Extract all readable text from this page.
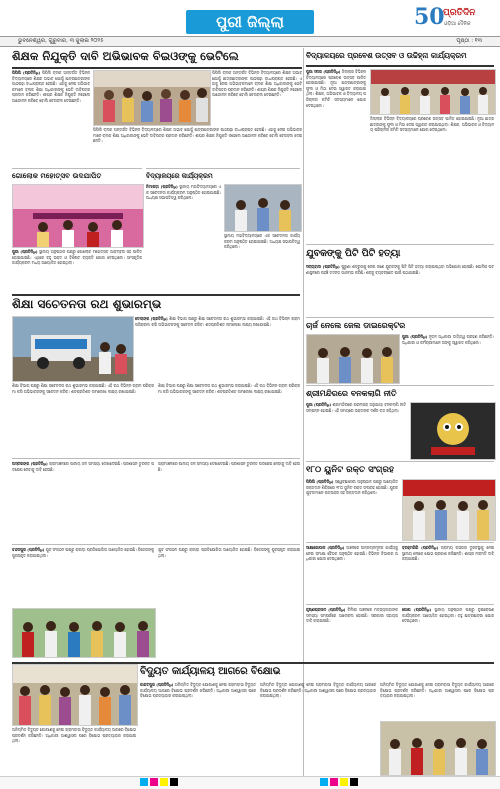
ପୁରୀ ଜିଲ୍ଲା	50
ପ୍ରତିଦିନ
ଓଡ଼ିଆ ଦୈନିକ
ଭୁବନେଶ୍ୱର, ଗୁରୁବାର, ୩ ଜୁଲାଇ ୨୦୨୫	ପୃଷ୍ଠା : ୧୩
ଶିକ୍ଷକ ନିଯୁକ୍ତି ଦାବି ଅଭିଭାବକ ବିଇଓଙ୍କୁ ଭେଟିଲେ
ପିପିଲି (ପ୍ରତିନିଧି) ପିପିଲି ବ୍ଲକ ଅନ୍ତର୍ଗତ ବିଭିନ୍ନ ବିଦ୍ୟାଳୟରେ ଶିକ୍ଷକ ଅଭାବ ଯୋଗୁଁ ଛାତ୍ରଛାତ୍ରୀଙ୍କ ପାଠପଢ଼ା ବାଧାପ୍ରାପ୍ତ ହେଉଛି। ଏହାକୁ ନେଇ ଅଭିଭାବକମାନେ ବ୍ଲକ ଶିକ୍ଷା ଅଧିକାରୀଙ୍କୁ ଭେଟି ଦାବିପତ୍ର ପ୍ରଦାନ କରିଛନ୍ତି। ଶୀଘ୍ର ଶିକ୍ଷକ ନିଯୁକ୍ତି ନହେଲେ ଆନ୍ଦୋଳନ କରିବେ ବୋଲି ଚେତାବନୀ ଦେଇଛନ୍ତି।
ପିପିଲି ବ୍ଲକ ଅନ୍ତର୍ଗତ ବିଭିନ୍ନ ବିଦ୍ୟାଳୟରେ ଶିକ୍ଷକ ଅଭାବ ଯୋଗୁଁ ଛାତ୍ରଛାତ୍ରୀଙ୍କ ପାଠପଢ଼ା ବାଧାପ୍ରାପ୍ତ ହେଉଛି। ଏହାକୁ ନେଇ ଅଭିଭାବକମାନେ ବ୍ଲକ ଶିକ୍ଷା ଅଧିକାରୀଙ୍କୁ ଭେଟି ଦାବିପତ୍ର ପ୍ରଦାନ କରିଛନ୍ତି। ଶୀଘ୍ର ଶିକ୍ଷକ ନିଯୁକ୍ତି ନହେଲେ ଆନ୍ଦୋଳନ କରିବେ ବୋଲି ଚେତାବନୀ ଦେଇଛନ୍ତି।
ପିପିଲି ବ୍ଲକ ଅନ୍ତର୍ଗତ ବିଭିନ୍ନ ବିଦ୍ୟାଳୟରେ ଶିକ୍ଷକ ଅଭାବ ଯୋଗୁଁ ଛାତ୍ରଛାତ୍ରୀଙ୍କ ପାଠପଢ଼ା ବାଧାପ୍ରାପ୍ତ ହେଉଛି। ଏହାକୁ ନେଇ ଅଭିଭାବକମାନେ ବ୍ଲକ ଶିକ୍ଷା ଅଧିକାରୀଙ୍କୁ ଭେଟି ଦାବିପତ୍ର ପ୍ରଦାନ କରିଛନ୍ତି। ଶୀଘ୍ର ଶିକ୍ଷକ ନିଯୁକ୍ତି ନହେଲେ ଆନ୍ଦୋଳନ କରିବେ ବୋଲି ଚେତାବନୀ ଦେଇଛନ୍ତି।
ବିଦ୍ୟାଳୟରେ ପ୍ରବେଶ ଉତ୍ସବ ଓ ଉଚ୍ଚିହ୍ନା କାର୍ଯ୍ୟକ୍ରମ
ପୁରୀ ସଦର (ପ୍ରତିନିଧି) ଜିଲ୍ଲାର ବିଭିନ୍ନ ବିଦ୍ୟାଳୟରେ ପ୍ରବେଶ ଉତ୍ସବ ପାଳିତ ହୋଇଯାଇଛି। ନୂଆ ଛାତ୍ରଛାତ୍ରୀଙ୍କୁ ଫୁଲ ଓ ମିଠା ଦେଇ ସ୍ୱାଗତ କରାଯାଇଥିଲା। ଶିକ୍ଷକ, ଅଭିଭାବକ ଓ ବିଦ୍ୟାଳୟ ପରିଚାଳନା କମିଟି ସଦସ୍ୟମାନେ ଯୋଗ ଦେଇଥିଲେ।
ଜିଲ୍ଲାର ବିଭିନ୍ନ ବିଦ୍ୟାଳୟରେ ପ୍ରବେଶ ଉତ୍ସବ ପାଳିତ ହୋଇଯାଇଛି। ନୂଆ ଛାତ୍ରଛାତ୍ରୀଙ୍କୁ ଫୁଲ ଓ ମିଠା ଦେଇ ସ୍ୱାଗତ କରାଯାଇଥିଲା। ଶିକ୍ଷକ, ଅଭିଭାବକ ଓ ବିଦ୍ୟାଳୟ ପରିଚାଳନା କମିଟି ସଦସ୍ୟମାନେ ଯୋଗ ଦେଇଥିଲେ।
ଗୋଲୋକ ମହୋତ୍ସବ ଉଦଯାପିତ
ପୁରୀ (ପ୍ରତିନିଧି) ସ୍ଥାନୀୟ ଅନୁଷ୍ଠାନ ପକ୍ଷରୁ ଗୋଲୋକ ମହୋତ୍ସବ ଆଡ଼ମ୍ବର ସହ ପାଳିତ ହୋଇଯାଇଛି। ଏଥିରେ ବହୁ ଭକ୍ତ ଓ ବିଶିଷ୍ଟ ବ୍ୟକ୍ତି ଯୋଗ ଦେଇଥିଲେ। ସାଂସ୍କୃତିକ କାର୍ଯ୍ୟକ୍ରମ ମଧ୍ୟ ଆୟୋଜିତ ହୋଇଥିଲା।
ବିଦ୍ୟାଳୟରେ କାର୍ଯ୍ୟକ୍ରମ
ନିମାପଡ଼ା (ପ୍ରତିନିଧି) ସ୍ଥାନୀୟ ମହାବିଦ୍ୟାଳୟରେ ଏକ ସଚେତନତା କାର୍ଯ୍ୟକ୍ରମ ଅନୁଷ୍ଠିତ ହୋଇଯାଇଛି। ଅଧ୍ୟକ୍ଷ ସଭାପତିତ୍ୱ କରିଥିଲେ।
ସ୍ଥାନୀୟ ମହାବିଦ୍ୟାଳୟରେ ଏକ ସଚେତନତା କାର୍ଯ୍ୟକ୍ରମ ଅନୁଷ୍ଠିତ ହୋଇଯାଇଛି। ଅଧ୍ୟକ୍ଷ ସଭାପତିତ୍ୱ କରିଥିଲେ।
ଶିକ୍ଷା ସଚେତନତା ରଥ ଶୁଭାରମ୍ଭ
ଡେଲାଙ୍ଗ (ପ୍ରତିନିଧି) ଶିକ୍ଷା ବିଭାଗ ପକ୍ଷରୁ ଶିକ୍ଷା ସଚେତନତା ରଥ ଶୁଭାରମ୍ଭ କରାଯାଇଛି। ଏହି ରଥ ବିଭିନ୍ନ ଗ୍ରାମ ପରିକ୍ରମା କରି ଅଭିଭାବକଙ୍କୁ ସଚେତନ କରିବ। ଶତପ୍ରତିଶତ ନାମଲେଖା ଲକ୍ଷ୍ୟ ରଖାଯାଇଛି।
ଶିକ୍ଷା ବିଭାଗ ପକ୍ଷରୁ ଶିକ୍ଷା ସଚେତନତା ରଥ ଶୁଭାରମ୍ଭ କରାଯାଇଛି। ଏହି ରଥ ବିଭିନ୍ନ ଗ୍ରାମ ପରିକ୍ରମା କରି ଅଭିଭାବକଙ୍କୁ ସଚେତନ କରିବ। ଶତପ୍ରତିଶତ ନାମଲେଖା ଲକ୍ଷ୍ୟ ରଖାଯାଇଛି।
ଶିକ୍ଷା ବିଭାଗ ପକ୍ଷରୁ ଶିକ୍ଷା ସଚେତନତା ରଥ ଶୁଭାରମ୍ଭ କରାଯାଇଛି। ଏହି ରଥ ବିଭିନ୍ନ ଗ୍ରାମ ପରିକ୍ରମା କରି ଅଭିଭାବକଙ୍କୁ ସଚେତନ କରିବ। ଶତପ୍ରତିଶତ ନାମଲେଖା ଲକ୍ଷ୍ୟ ରଖାଯାଇଛି।
ଅସ୍ତରଙ୍ଗ (ପ୍ରତିନିଧି) ଗ୍ରାମାଞ୍ଚଳରେ ପାନୀୟ ଜଳ ସମସ୍ୟା ଦେଖାଦେଇଛି। ପ୍ରଶାସନ ତୁରନ୍ତ ପଦକ୍ଷେପ ନେବାକୁ ଦାବି ହେଉଛି।
ଗ୍ରାମାଞ୍ଚଳରେ ପାନୀୟ ଜଳ ସମସ୍ୟା ଦେଖାଦେଇଛି। ପ୍ରଶାସନ ତୁରନ୍ତ ପଦକ୍ଷେପ ନେବାକୁ ଦାବି ହେଉଛି।
ଚନ୍ଦନପୁର (ପ୍ରତିନିଧି) ଯୁବ ସଂଗଠନ ପକ୍ଷରୁ କ୍ରୀଡ଼ା ପ୍ରତିଯୋଗିତା ଆୟୋଜିତ ହୋଇଛି। ବିଜେତାଙ୍କୁ ପୁରସ୍କୃତ କରାଯାଇଥିଲା।
ଯୁବ ସଂଗଠନ ପକ୍ଷରୁ କ୍ରୀଡ଼ା ପ୍ରତିଯୋଗିତା ଆୟୋଜିତ ହୋଇଛି। ବିଜେତାଙ୍କୁ ପୁରସ୍କୃତ କରାଯାଇଥିଲା।
ବିଦ୍ୟୁତ କାର୍ଯ୍ୟାଳୟ ଆଗରେ ବିକ୍ଷୋଭ
କାକଟପୁର (ପ୍ରତିନିଧି) ଅନିୟମିତ ବିଦ୍ୟୁତ ଯୋଗାଣକୁ ନେଇ ଗ୍ରାମବାସୀ ବିଦ୍ୟୁତ କାର୍ଯ୍ୟାଳୟ ଆଗରେ ବିକ୍ଷୋଭ ପ୍ରଦର୍ଶନ କରିଛନ୍ତି। ଅଧିକାରୀ ଆଶ୍ୱାସନା ପରେ ବିକ୍ଷୋଭ ପ୍ରତ୍ୟାହାର କରାଯାଇଥିଲା।
ଅନିୟମିତ ବିଦ୍ୟୁତ ଯୋଗାଣକୁ ନେଇ ଗ୍ରାମବାସୀ ବିଦ୍ୟୁତ କାର୍ଯ୍ୟାଳୟ ଆଗରେ ବିକ୍ଷୋଭ ପ୍ରଦର୍ଶନ କରିଛନ୍ତି। ଅଧିକାରୀ ଆଶ୍ୱାସନା ପରେ ବିକ୍ଷୋଭ ପ୍ରତ୍ୟାହାର କରାଯାଇଥିଲା।
ଅନିୟମିତ ବିଦ୍ୟୁତ ଯୋଗାଣକୁ ନେଇ ଗ୍ରାମବାସୀ ବିଦ୍ୟୁତ କାର୍ଯ୍ୟାଳୟ ଆଗରେ ବିକ୍ଷୋଭ ପ୍ରଦର୍ଶନ କରିଛନ୍ତି। ଅଧିକାରୀ ଆଶ୍ୱାସନା ପରେ ବିକ୍ଷୋଭ ପ୍ରତ୍ୟାହାର କରାଯାଇଥିଲା।
ଅନିୟମିତ ବିଦ୍ୟୁତ ଯୋଗାଣକୁ ନେଇ ଗ୍ରାମବାସୀ ବିଦ୍ୟୁତ କାର୍ଯ୍ୟାଳୟ ଆଗରେ ବିକ୍ଷୋଭ ପ୍ରଦର୍ଶନ କରିଛନ୍ତି। ଅଧିକାରୀ ଆଶ୍ୱାସନା ପରେ ବିକ୍ଷୋଭ ପ୍ରତ୍ୟାହାର କରାଯାଇଥିଲା।
ଯୁବକଙ୍କୁ ପିଟି ପିଟି ହତ୍ୟା
ସତ୍ୟବାଦୀ (ପ୍ରତିନିଧି) ପୁରୁଣା ଶତ୍ରୁତାକୁ ନେଇ ଜଣେ ଯୁବକଙ୍କୁ ପିଟି ପିଟି ହତ୍ୟା କରାଯାଇଥିବା ଅଭିଯୋଗ ହୋଇଛି। ପୋଲିସ ଘଟଣାସ୍ଥଳରେ ପହଞ୍ଚି ତଦନ୍ତ ଆରମ୍ଭ କରିଛି। ଶବକୁ ବ୍ୟବଚ୍ଛେଦ ପାଇଁ ପଠାଯାଇଛି।
ଚାର୍ଜ ନେଲେ ଜେଲ ଡାଇରେକ୍ଟର
ପୁରୀ (ପ୍ରତିନିଧି) ନୂତନ ଅଧିକାରୀ ଦାୟିତ୍ୱ ଗ୍ରହଣ କରିଛନ୍ତି। ଅଧିକାରୀ ଓ କର୍ମଚାରୀମାନେ ତାଙ୍କୁ ସ୍ୱାଗତ କରିଥିଲେ।
ଶ୍ରୀମନ୍ଦିରରେ ବନକଲାଗି ନୀତି
ପୁରୀ (ପ୍ରତିନିଧି) ଶ୍ରୀମନ୍ଦିରରେ ପରମ୍ପରା ଅନୁଯାୟୀ ବନକଲାଗି ନୀତି ସମ୍ପନ୍ନ ହୋଇଛି। ଏହି ସମୟରେ ଭକ୍ତଙ୍କ ଦର୍ଶନ ବନ୍ଦ ରହିଥିଲା।
୧୮୦ ୟୁନିଟ ରକ୍ତ ସଂଗ୍ରହ
ପିପିଲି (ପ୍ରତିନିଧି) ସ୍ୱେଚ୍ଛାସେବୀ ଅନୁଷ୍ଠାନ ପକ୍ଷରୁ ଆୟୋଜିତ ରକ୍ତଦାନ ଶିବିରରେ ୧୮୦ ୟୁନିଟ ରକ୍ତ ସଂଗ୍ରହ ହୋଇଛି। ଯୁବକ ଯୁବତୀମାନେ ଉତ୍ସାହର ସହ ରକ୍ତଦାନ କରିଥିଲେ।
ସାକ୍ଷୀଗୋପାଳ (ପ୍ରତିନିଧି) ଅଞ୍ଚଳରେ ଉନ୍ନୟନମୂଳକ କାର୍ଯ୍ୟକୁ ନେଇ ସମୀକ୍ଷା ବୈଠକ ଅନୁଷ୍ଠିତ ହୋଇଛି। ବିଭିନ୍ନ ବିଭାଗର ଅଧିକାରୀ ଯୋଗ ଦେଇଥିଲେ।
ବ୍ରହ୍ମଗିରି (ପ୍ରତିନିଧି) ଗ୍ରାମ୍ୟ ରାସ୍ତାର ଦୁରବସ୍ଥାକୁ ନେଇ ସ୍ଥାନୀୟ ଲୋକେ କ୍ଷୋଭ ପ୍ରକାଶ କରିଛନ୍ତି। ଶୀଘ୍ର ମରାମତି ଦାବି କରାଯାଇଛି।
କୃଷ୍ଣପ୍ରସାଦ (ପ୍ରତିନିଧି) ଚିଲିକା ଅଞ୍ଚଳରେ ମତ୍ସ୍ୟଜୀବୀଙ୍କ ସମସ୍ୟା ସମ୍ପର୍କରେ ଆଲୋଚନା ହୋଇଛି। ସରକାରୀ ସହାୟତା ଦାବି କରାଯାଇଛି।
ଗୋପ (ପ୍ରତିନିଧି) ସ୍ଥାନୀୟ ଅନୁଷ୍ଠାନ ପକ୍ଷରୁ ବୃକ୍ଷରୋପଣ କାର୍ଯ୍ୟକ୍ରମ ଆୟୋଜିତ ହୋଇଥିଲା। ବହୁ ଛାତ୍ରଛାତ୍ରୀ ଯୋଗ ଦେଇଥିଲେ।
